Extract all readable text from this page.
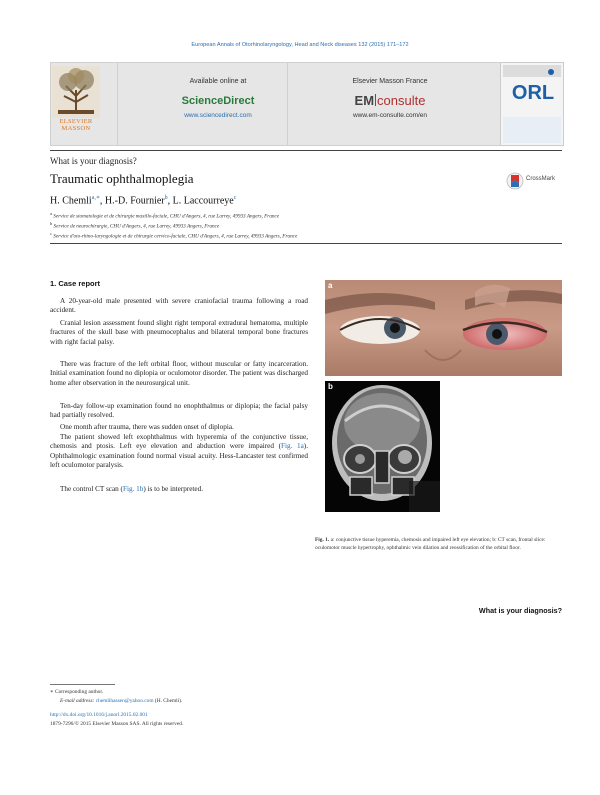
European Annals of Otorhinolaryngology, Head and Neck diseases 132 (2015) 171–172
ELSEVIER
MASSON
Available online at
ScienceDirect
www.sciencedirect.com
Elsevier Masson France
EM consulte
www.em-consulte.com/en
ORL
What is your diagnosis?
Traumatic ophthalmoplegia	CrossMark
H. Chemli$^{a,∗}$, H.-D. Fournier$^b$, L. Laccourreye$^c$
$^a$ Service de stomatologie et de chirurgie maxillo-faciale, CHU d'Angers, 4, rue Larrey, 49933 Angers, France
$^b$ Service de neurochirurgie, CHU d'Angers, 4, rue Larrey, 49933 Angers, France
$^c$ Service d'oto-rhino-laryngologie et de chirurgie cervico-faciale, CHU d'Angers, 4, rue Larrey, 49933 Angers, France
1. Case report

A 20-year-old male presented with severe craniofacial trauma following a road accident.

Cranial lesion assessment found slight right temporal extradural hematoma, multiple fractures of the skull base with pneumocephalus and bilateral temporal bone fractures with right facial palsy.

There was fracture of the left orbital floor, without muscular or fatty incarceration. Initial examination found no diplopia or oculomotor disorder. The patient was discharged home after observation in the neurosurgical unit.

Ten-day follow-up examination found no enophthalmus or diplopia; the facial palsy had partially resolved.

One month after trauma, there was sudden onset of diplopia.

The patient showed left exophthalmus with hyperemia of the conjunctive tissue, chemosis and ptosis. Left eye elevation and abduction were impaired (Fig. 1a). Ophthalmologic examination found normal visual acuity. Hess-Lancaster test confirmed left oculomotor paralysis.

The control CT scan (Fig. 1b) is to be interpreted.

a
b
Fig. 1. a: conjunctive tissue hyperemia, chemosis and impaired left eye elevation; b: CT scan, frontal slice: oculomotor muscle hypertrophy, ophthalmic vein dilation and reossification of the orbital floor.
What is your diagnosis?
∗ Corresponding author.
E-mail address: chemlihassen@yahoo.com (H. Chemli).
http://dx.doi.org/10.1016/j.anorl.2015.02.001
1879-7296/© 2015 Elsevier Masson SAS. All rights reserved.
